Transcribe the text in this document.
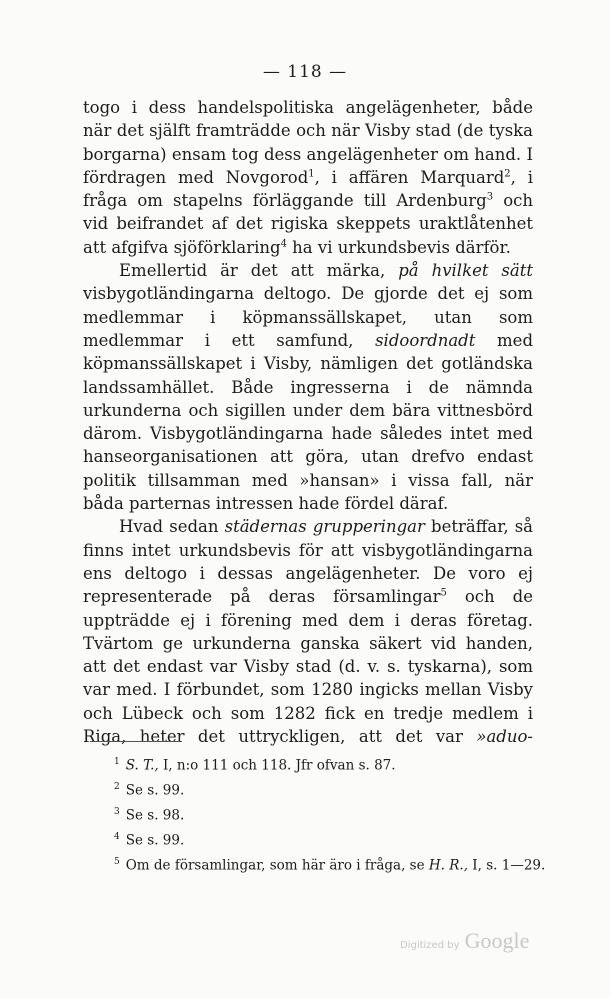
— 118 —

togo i dess handelspolitiska angelägenheter, både när det själft framträdde och när Visby stad (de tyska borgarna) ensam tog dess angelägenheter om hand. I fördragen med Novgorod$^1$, i affären Marquard$^2$, i fråga om stapelns förläggande till Ardenburg$^3$ och vid beifrandet af det rigiska skeppets uraktlåtenhet att afgifva sjöförklaring$^4$ ha vi urkundsbevis därför.

Emellertid är det att märka, på hvilket sätt visbygotländingarna deltogo. De gjorde det ej som medlemmar i köpmanssällskapet, utan som medlemmar i ett samfund, sidoordnadt med köpmanssällskapet i Visby, nämligen det gotländska landssamhället. Både ingresserna i de nämnda urkunderna och sigillen under dem bära vittnesbörd därom. Visbygotländingarna hade således intet med hanseorganisationen att göra, utan drefvo endast politik tillsamman med »hansan» i vissa fall, när båda parternas intressen hade fördel däraf.

Hvad sedan städernas grupperingar beträffar, så finns intet urkundsbevis för att visbygotländingarna ens deltogo i dessas angelägenheter. De voro ej representerade på deras församlingar$^5$ och de uppträdde ej i förening med dem i deras företag. Tvärtom ge urkunderna ganska säkert vid handen, att det endast var Visby stad (d. v. s. tyskarna), som var med. I förbundet, som 1280 ingicks mellan Visby och Lübeck och som 1282 fick en tredje medlem i Riga, heter det uttryckligen, att det var »aduo-

$^1$ S. T., I, n:o 111 och 118. Jfr ofvan s. 87.
$^2$ Se s. 99.
$^3$ Se s. 98.
$^4$ Se s. 99.
$^5$ Om de församlingar, som här äro i fråga, se H. R., I, s. 1—29.
Digitized by Google
